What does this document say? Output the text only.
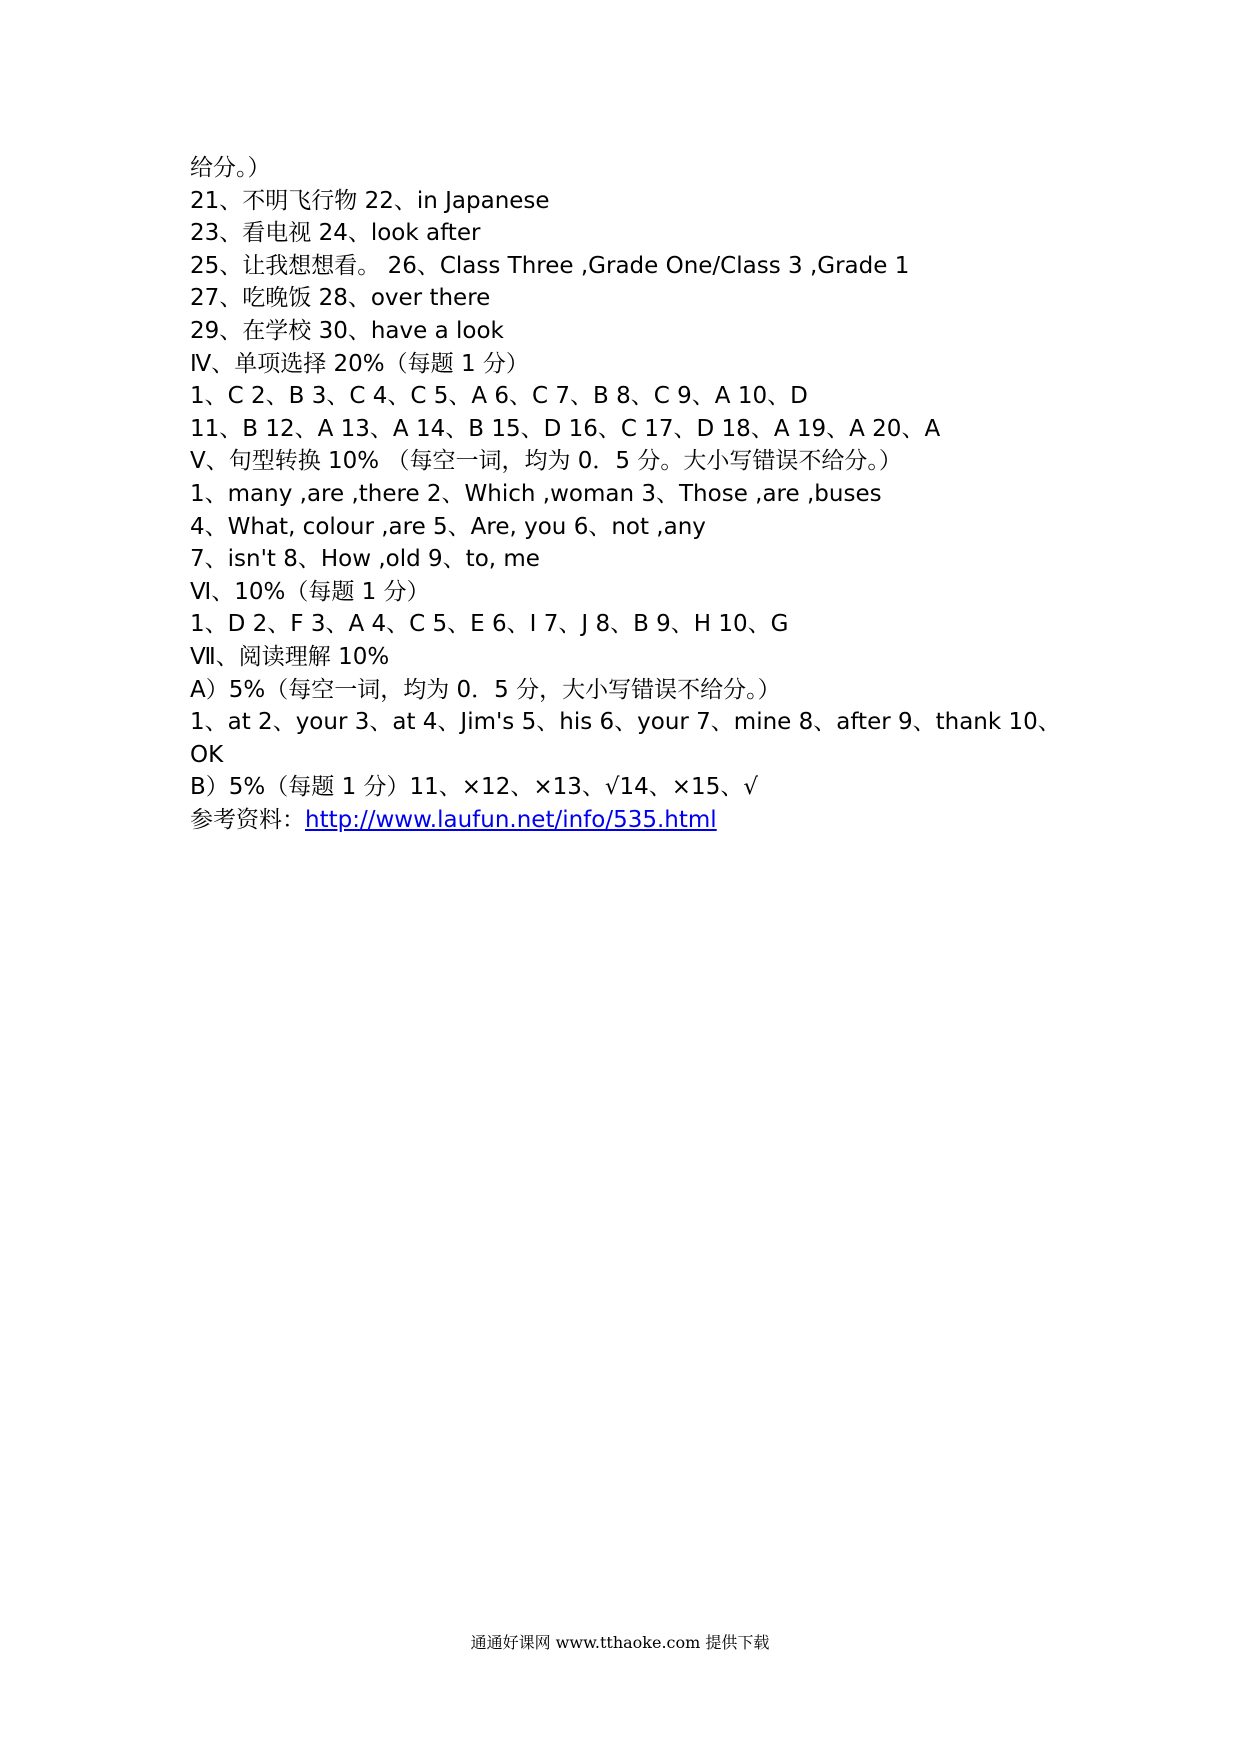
给分。）
21、不明飞行物 22、in Japanese
23、看电视 24、look after
25、让我想想看。 26、Class Three ,Grade One/Class 3 ,Grade 1
27、吃晚饭 28、over there
29、在学校 30、have a look
Ⅳ、单项选择 20%（每题 1 分）
1、C 2、B 3、C 4、C 5、A 6、C 7、B 8、C 9、A 10、D
11、B 12、A 13、A 14、B 15、D 16、C 17、D 18、A 19、A 20、A
Ⅴ、句型转换 10% （每空一词，均为 0．5 分。大小写错误不给分。）
1、many ,are ,there 2、Which ,woman 3、Those ,are ,buses
4、What, colour ,are 5、Are, you 6、not ,any
7、isn't 8、How ,old 9、to, me
Ⅵ、10%（每题 1 分）
1、D 2、F 3、A 4、C 5、E 6、I 7、J 8、B 9、H 10、G
Ⅶ、阅读理解 10%
A）5%（每空一词，均为 0．5 分，大小写错误不给分。）
1、at 2、your 3、at 4、Jim's 5、his 6、your 7、mine 8、after 9、thank 10、OK
B）5%（每题 1 分）11、×12、×13、√14、×15、√
参考资料：http://www.laufun.net/info/535.html
通通好课网 www.tthaoke.com 提供下载
